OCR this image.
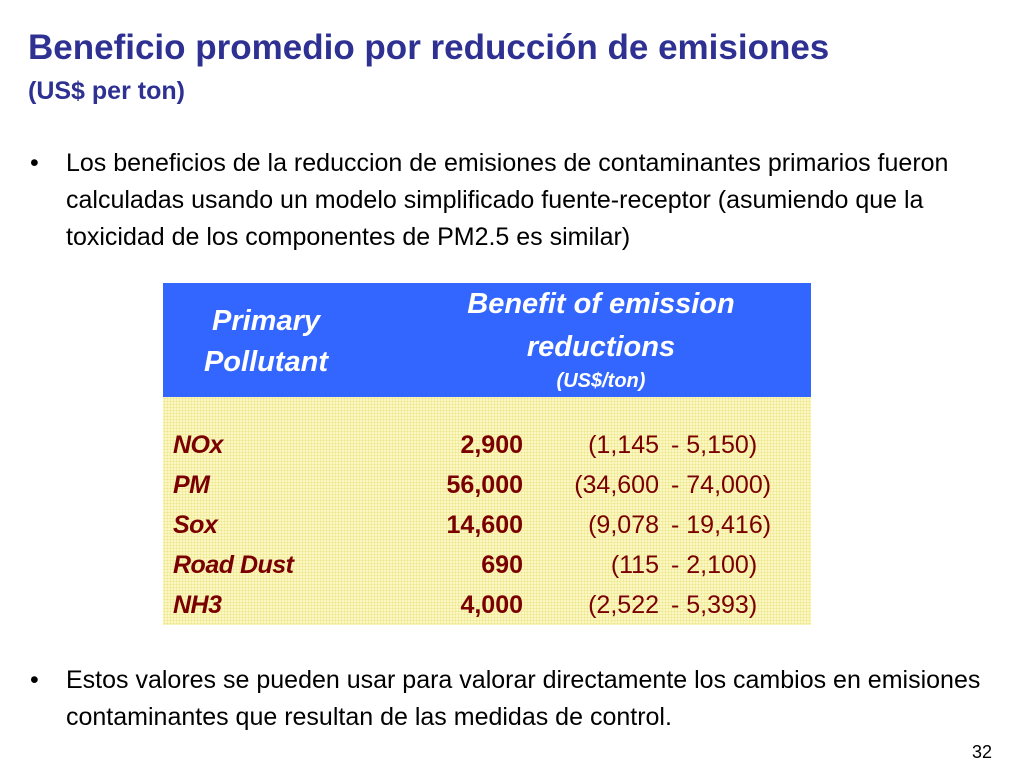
Beneficio promedio por reducción de emisiones
(US$ per ton)
•	Los beneficios de la reduccion de emisiones de contaminantes primarios fueron calculadas usando un modelo simplificado fuente-receptor (asumiendo que la toxicidad de los componentes de PM2.5 es similar)
Primary Pollutant
Benefit of emission reductions
(US$/ton)
NOx	2,900	(1,145 - 5,150)
PM	56,000 (34,600 - 74,000)
Sox	14,600	(9,078 - 19,416)
Road Dust	690	(115 - 2,100)
NH3	4,000	(2,522 - 5,393)
•	Estos valores se pueden usar para valorar directamente los cambios en emisiones contaminantes que resultan de las medidas de control.
32
